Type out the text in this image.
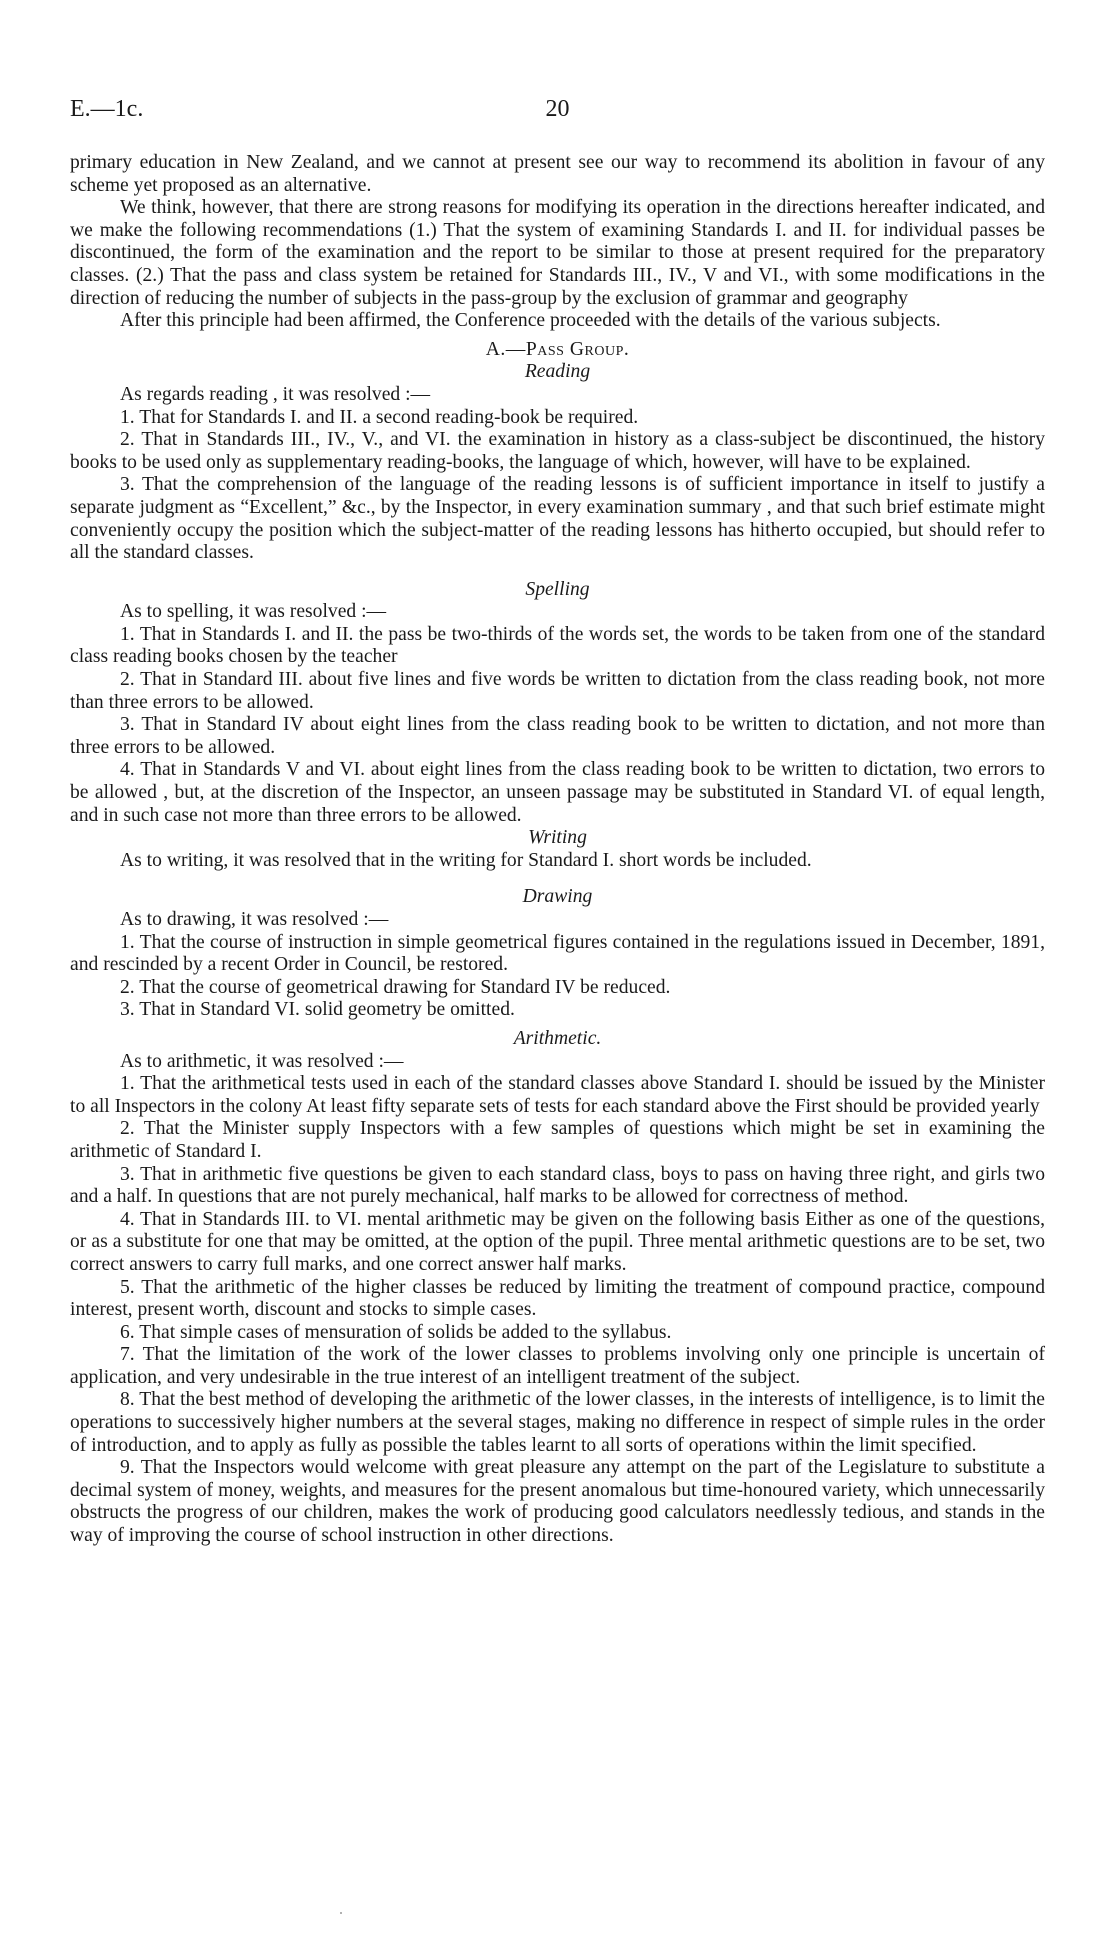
20
E.—1c.

primary education in New Zealand, and we cannot at present see our way to recommend its abolition in favour of any scheme yet proposed as an alternative.

We think, however, that there are strong reasons for modifying its operation in the directions hereafter indicated, and we make the following recommendations (1.) That the system of examining Standards I. and II. for individual passes be discontinued, the form of the examination and the report to be similar to those at present required for the preparatory classes. (2.) That the pass and class system be retained for Standards III., IV., V and VI., with some modifications in the direction of reducing the number of subjects in the pass-group by the exclusion of grammar and geography

After this principle had been affirmed, the Conference proceeded with the details of the various subjects.

A.—Pass Group.

Reading

As regards reading , it was resolved :—

1. That for Standards I. and II. a second reading-book be required.

2. That in Standards III., IV., V., and VI. the examination in history as a class-subject be discontinued, the history books to be used only as supplementary reading-books, the language of which, however, will have to be explained.

3. That the comprehension of the language of the reading lessons is of sufficient importance in itself to justify a separate judgment as “Excellent,” &c., by the Inspector, in every examination summary , and that such brief estimate might conveniently occupy the position which the subject-matter of the reading lessons has hitherto occupied, but should refer to all the standard classes.

Spelling

As to spelling, it was resolved :—

1. That in Standards I. and II. the pass be two-thirds of the words set, the words to be taken from one of the standard class reading books chosen by the teacher

2. That in Standard III. about five lines and five words be written to dictation from the class reading book, not more than three errors to be allowed.

3. That in Standard IV about eight lines from the class reading book to be written to dictation, and not more than three errors to be allowed.

4. That in Standards V and VI. about eight lines from the class reading book to be written to dictation, two errors to be allowed , but, at the discretion of the Inspector, an unseen passage may be substituted in Standard VI. of equal length, and in such case not more than three errors to be allowed.

Writing

As to writing, it was resolved that in the writing for Standard I. short words be included.

Drawing

As to drawing, it was resolved :—

1. That the course of instruction in simple geometrical figures contained in the regulations issued in December, 1891, and rescinded by a recent Order in Council, be restored.

2. That the course of geometrical drawing for Standard IV be reduced.

3. That in Standard VI. solid geometry be omitted.

Arithmetic.

As to arithmetic, it was resolved :—

1. That the arithmetical tests used in each of the standard classes above Standard I. should be issued by the Minister to all Inspectors in the colony At least fifty separate sets of tests for each standard above the First should be provided yearly

2. That the Minister supply Inspectors with a few samples of questions which might be set in examining the arithmetic of Standard I.

3. That in arithmetic five questions be given to each standard class, boys to pass on having three right, and girls two and a half. In questions that are not purely mechanical, half marks to be allowed for correctness of method.

4. That in Standards III. to VI. mental arithmetic may be given on the following basis Either as one of the questions, or as a substitute for one that may be omitted, at the option of the pupil. Three mental arithmetic questions are to be set, two correct answers to carry full marks, and one correct answer half marks.

5. That the arithmetic of the higher classes be reduced by limiting the treatment of compound practice, compound interest, present worth, discount and stocks to simple cases.

6. That simple cases of mensuration of solids be added to the syllabus.

7. That the limitation of the work of the lower classes to problems involving only one principle is uncertain of application, and very undesirable in the true interest of an intelligent treatment of the subject.

8. That the best method of developing the arithmetic of the lower classes, in the interests of intelligence, is to limit the operations to successively higher numbers at the several stages, making no difference in respect of simple rules in the order of introduction, and to apply as fully as possible the tables learnt to all sorts of operations within the limit specified.

9. That the Inspectors would welcome with great pleasure any attempt on the part of the Legislature to substitute a decimal system of money, weights, and measures for the present anomalous but time-honoured variety, which unnecessarily obstructs the progress of our children, makes the work of producing good calculators needlessly tedious, and stands in the way of improving the course of school instruction in other directions.
